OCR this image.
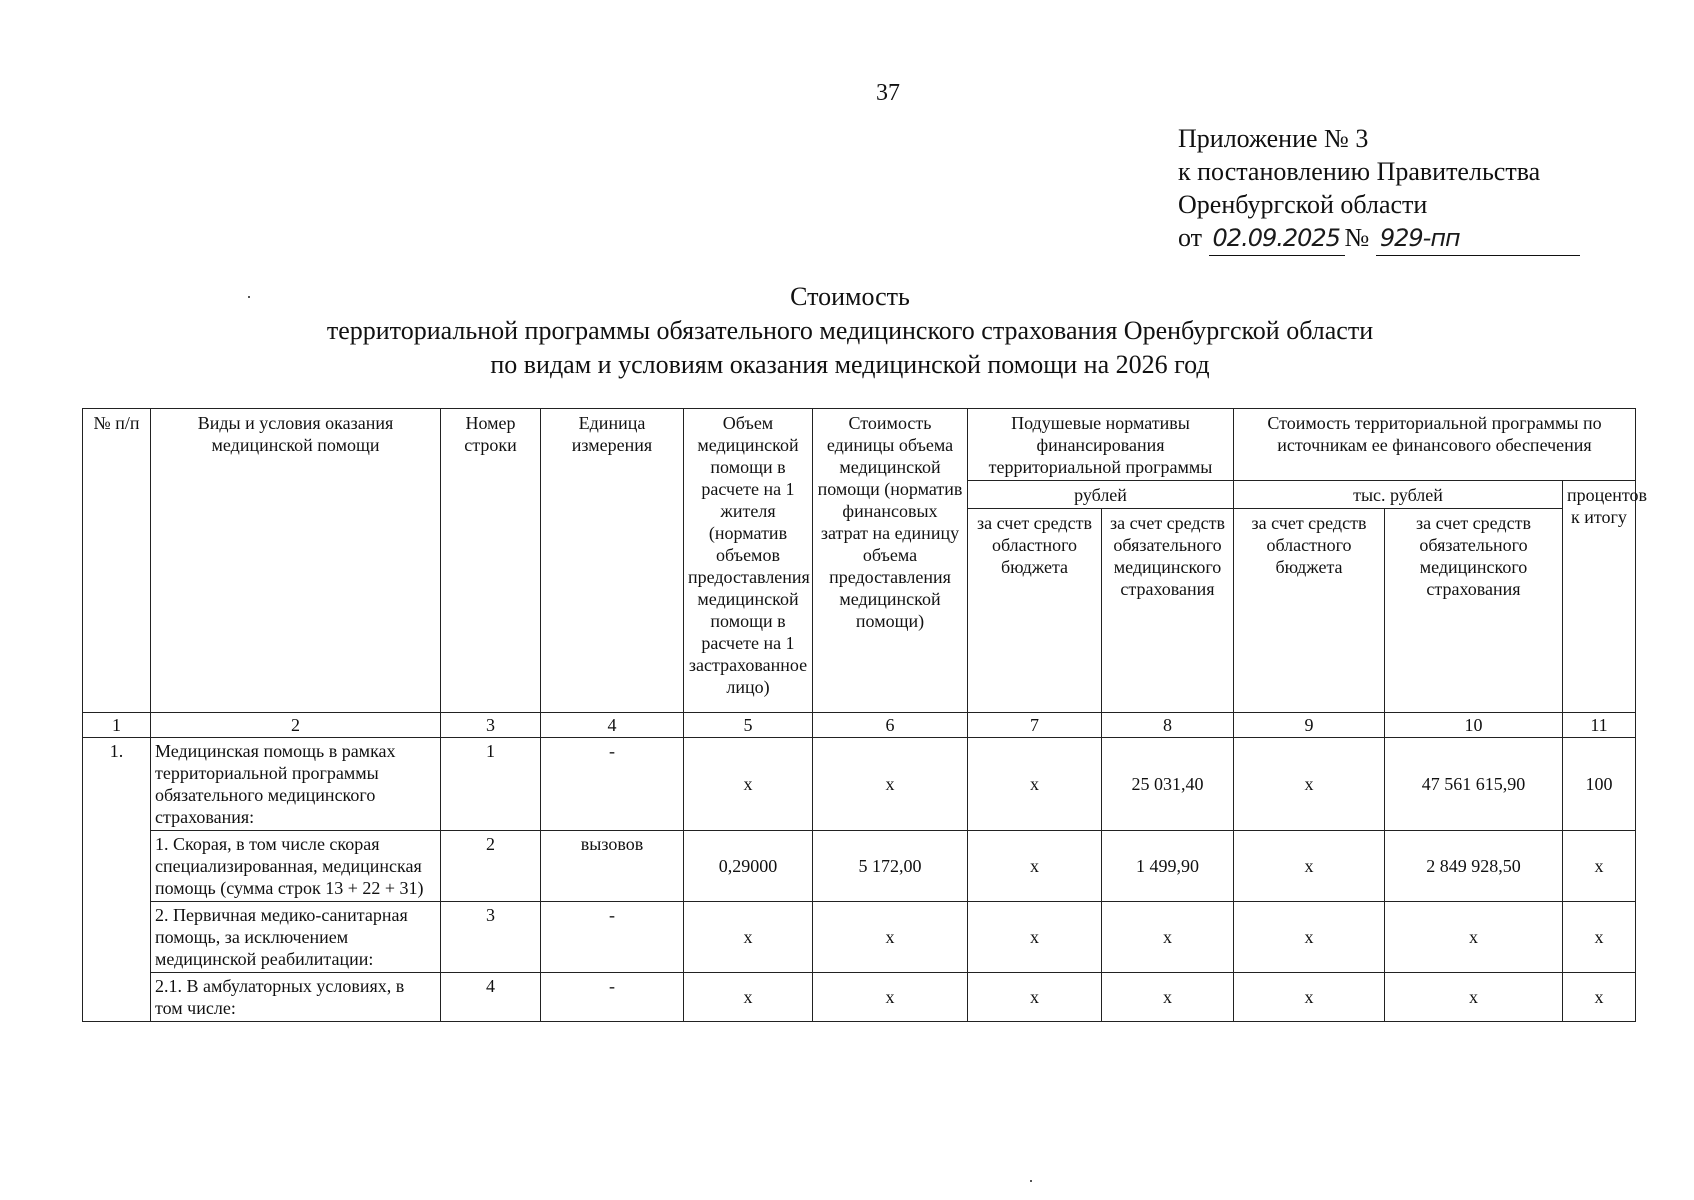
37
Приложение № 3
к постановлению Правительства
Оренбургской области
от 02.09.2025 № 929-пп
Стоимость
территориальной программы обязательного медицинского страхования Оренбургской области
по видам и условиям оказания медицинской помощи на 2026 год
№ п/п	Виды и условия оказания медицинской помощи	Номер строки	Единица измерения	Объем медицинской помощи в расчете на 1 жителя (норматив объемов предоставления медицинской помощи в расчете на 1 застрахованное лицо)	Стоимость единицы объема медицинской помощи (норматив финансовых затрат на единицу объема предоставления медицинской помощи)	Подушевые нормативы финансирования территориальной программы		Стоимость территориальной программы по источникам ее финансового обеспечения		
						рублей		тыс. рублей		процентов к итогу
						за счет средств областного бюджета	за счет средств обязательного медицинского страхования	за счет средств областного бюджета	за счет средств обязательного медицинского страхования	
1	2	3	4	5	6	7	8	9	10	11
1.	Медицинская помощь в рамках территориальной программы обязательного медицинского страхования:	1	-	х	х	х	25 031,40	х	47 561 615,90	100
	1. Скорая, в том числе скорая специализированная, медицинская помощь (сумма строк 13 + 22 + 31)	2	вызовов	0,29000	5 172,00	х	1 499,90	х	2 849 928,50	х
	2. Первичная медико-санитарная помощь, за исключением медицинской реабилитации:	3	-	х	х	х	х	х	х	х
	2.1. В амбулаторных условиях, в том числе:	4	-	х	х	х	х	х	х	х
